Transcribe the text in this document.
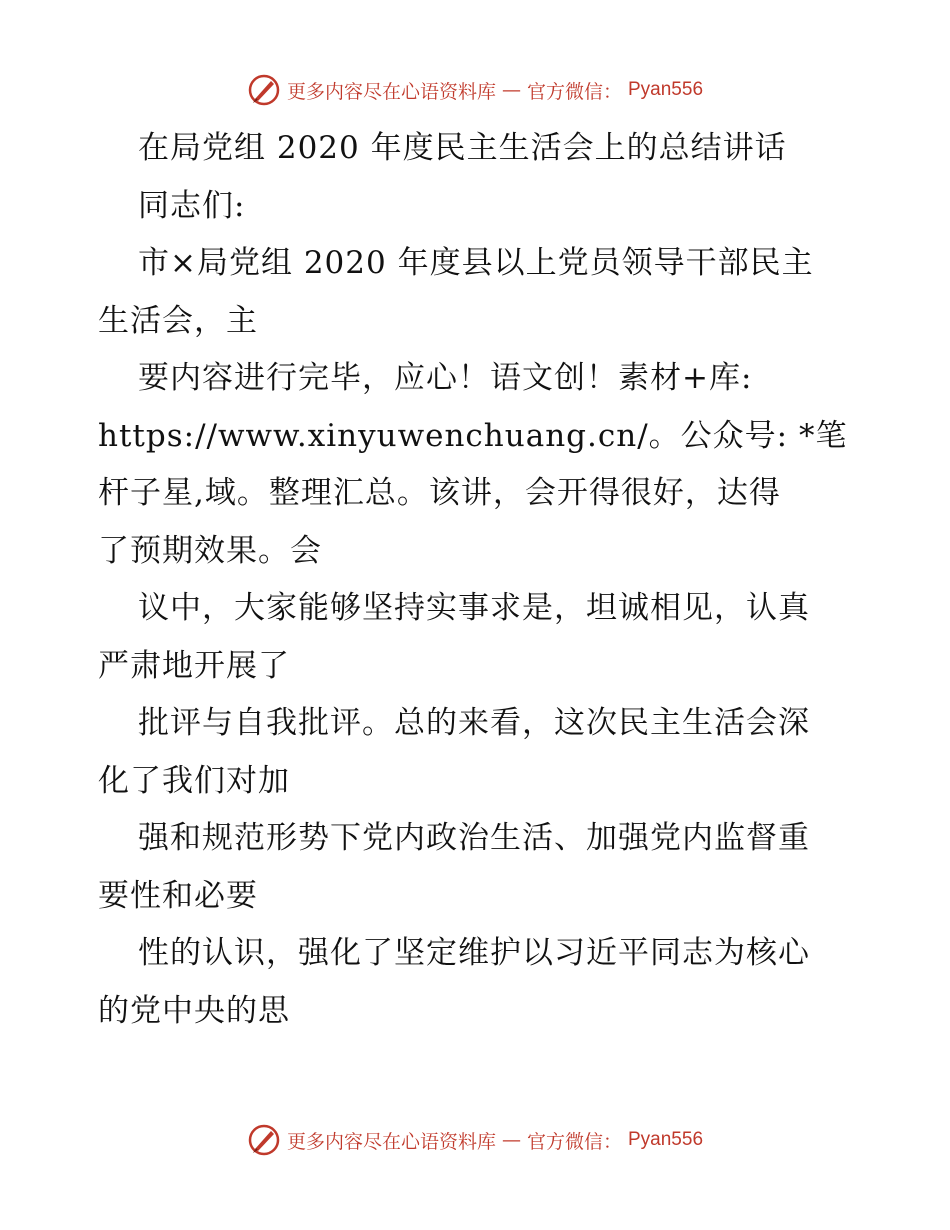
更多内容尽在心语资料库 — 官方微信： Pyan556
在局党组 2020 年度民主生活会上的总结讲话
同志们:
市×局党组 2020 年度县以上党员领导干部民主
生活会，主
要内容进行完毕，应心！语文创！素材+库:
https://www.xinyuwenchuang.cn/。公众号: *笔
杆子星,域。整理汇总。该讲，会开得很好，达得
了预期效果。会
议中，大家能够坚持实事求是，坦诚相见，认真
严肃地开展了
批评与自我批评。总的来看，这次民主生活会深
化了我们对加
强和规范形势下党内政治生活、加强党内监督重
要性和必要
性的认识，强化了坚定维护以习近平同志为核心
的党中央的思
更多内容尽在心语资料库 — 官方微信： Pyan556
